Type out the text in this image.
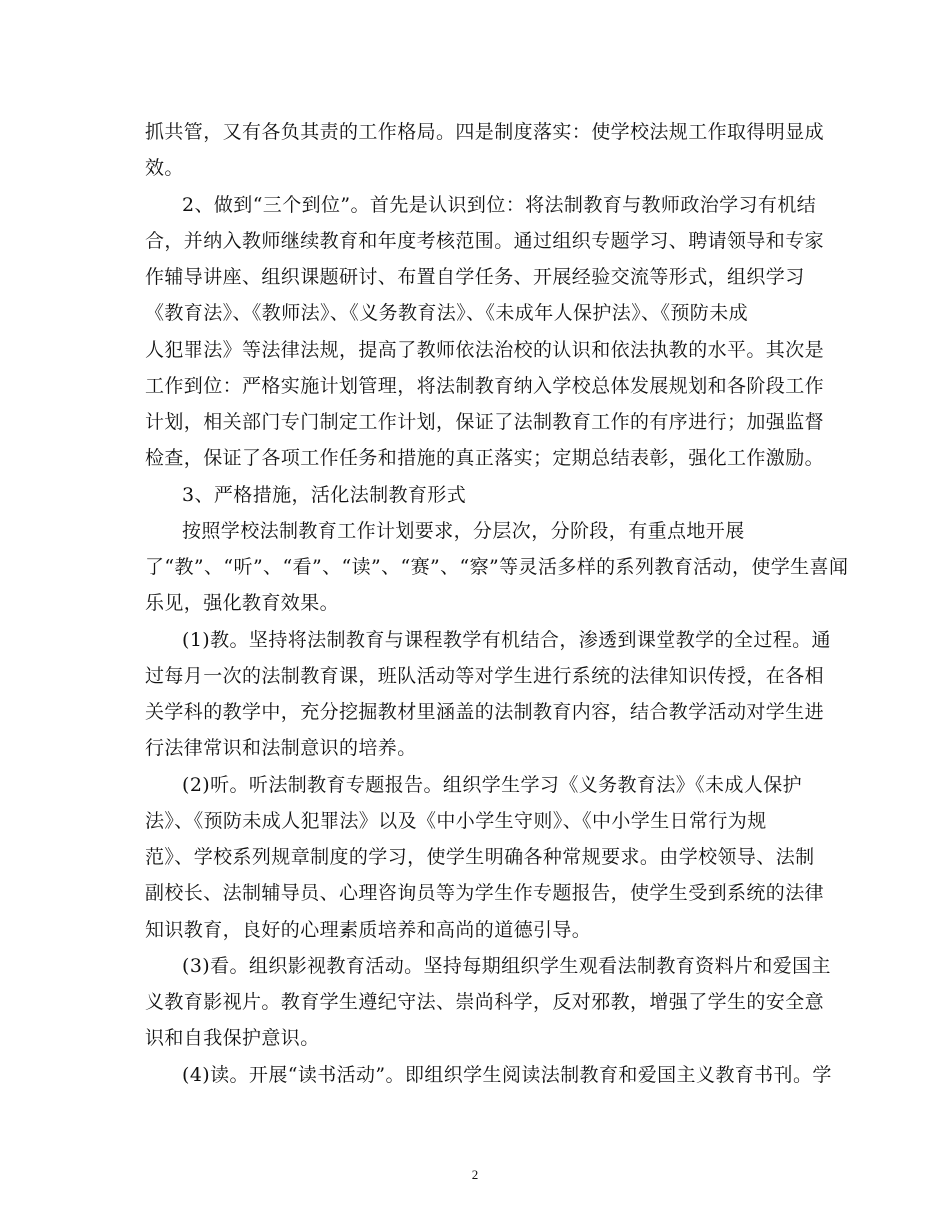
抓共管，又有各负其责的工作格局。四是制度落实：使学校法规工作取得明显成
效。
2、做到“三个到位”。首先是认识到位：将法制教育与教师政治学习有机结
合，并纳入教师继续教育和年度考核范围。通过组织专题学习、聘请领导和专家
作辅导讲座、组织课题研讨、布置自学任务、开展经验交流等形式，组织学习
《教育法》、《教师法》、《义务教育法》、《未成年人保护法》、《预防未成
人犯罪法》等法律法规，提高了教师依法治校的认识和依法执教的水平。其次是
工作到位：严格实施计划管理，将法制教育纳入学校总体发展规划和各阶段工作
计划，相关部门专门制定工作计划，保证了法制教育工作的有序进行；加强监督
检查，保证了各项工作任务和措施的真正落实；定期总结表彰，强化工作激励。
3、严格措施，活化法制教育形式
按照学校法制教育工作计划要求，分层次，分阶段，有重点地开展
了“教”、“听”、“看”、“读”、“赛”、“察”等灵活多样的系列教育活动，使学生喜闻
乐见，强化教育效果。
(1)教。坚持将法制教育与课程教学有机结合，渗透到课堂教学的全过程。通
过每月一次的法制教育课，班队活动等对学生进行系统的法律知识传授，在各相
关学科的教学中，充分挖掘教材里涵盖的法制教育内容，结合教学活动对学生进
行法律常识和法制意识的培养。
(2)听。听法制教育专题报告。组织学生学习《义务教育法》《未成人保护
法》、《预防未成人犯罪法》以及《中小学生守则》、《中小学生日常行为规
范》、学校系列规章制度的学习，使学生明确各种常规要求。由学校领导、法制
副校长、法制辅导员、心理咨询员等为学生作专题报告，使学生受到系统的法律
知识教育，良好的心理素质培养和高尚的道德引导。
(3)看。组织影视教育活动。坚持每期组织学生观看法制教育资料片和爱国主
义教育影视片。教育学生遵纪守法、崇尚科学，反对邪教，增强了学生的安全意
识和自我保护意识。
(4)读。开展“读书活动”。即组织学生阅读法制教育和爱国主义教育书刊。学
2
